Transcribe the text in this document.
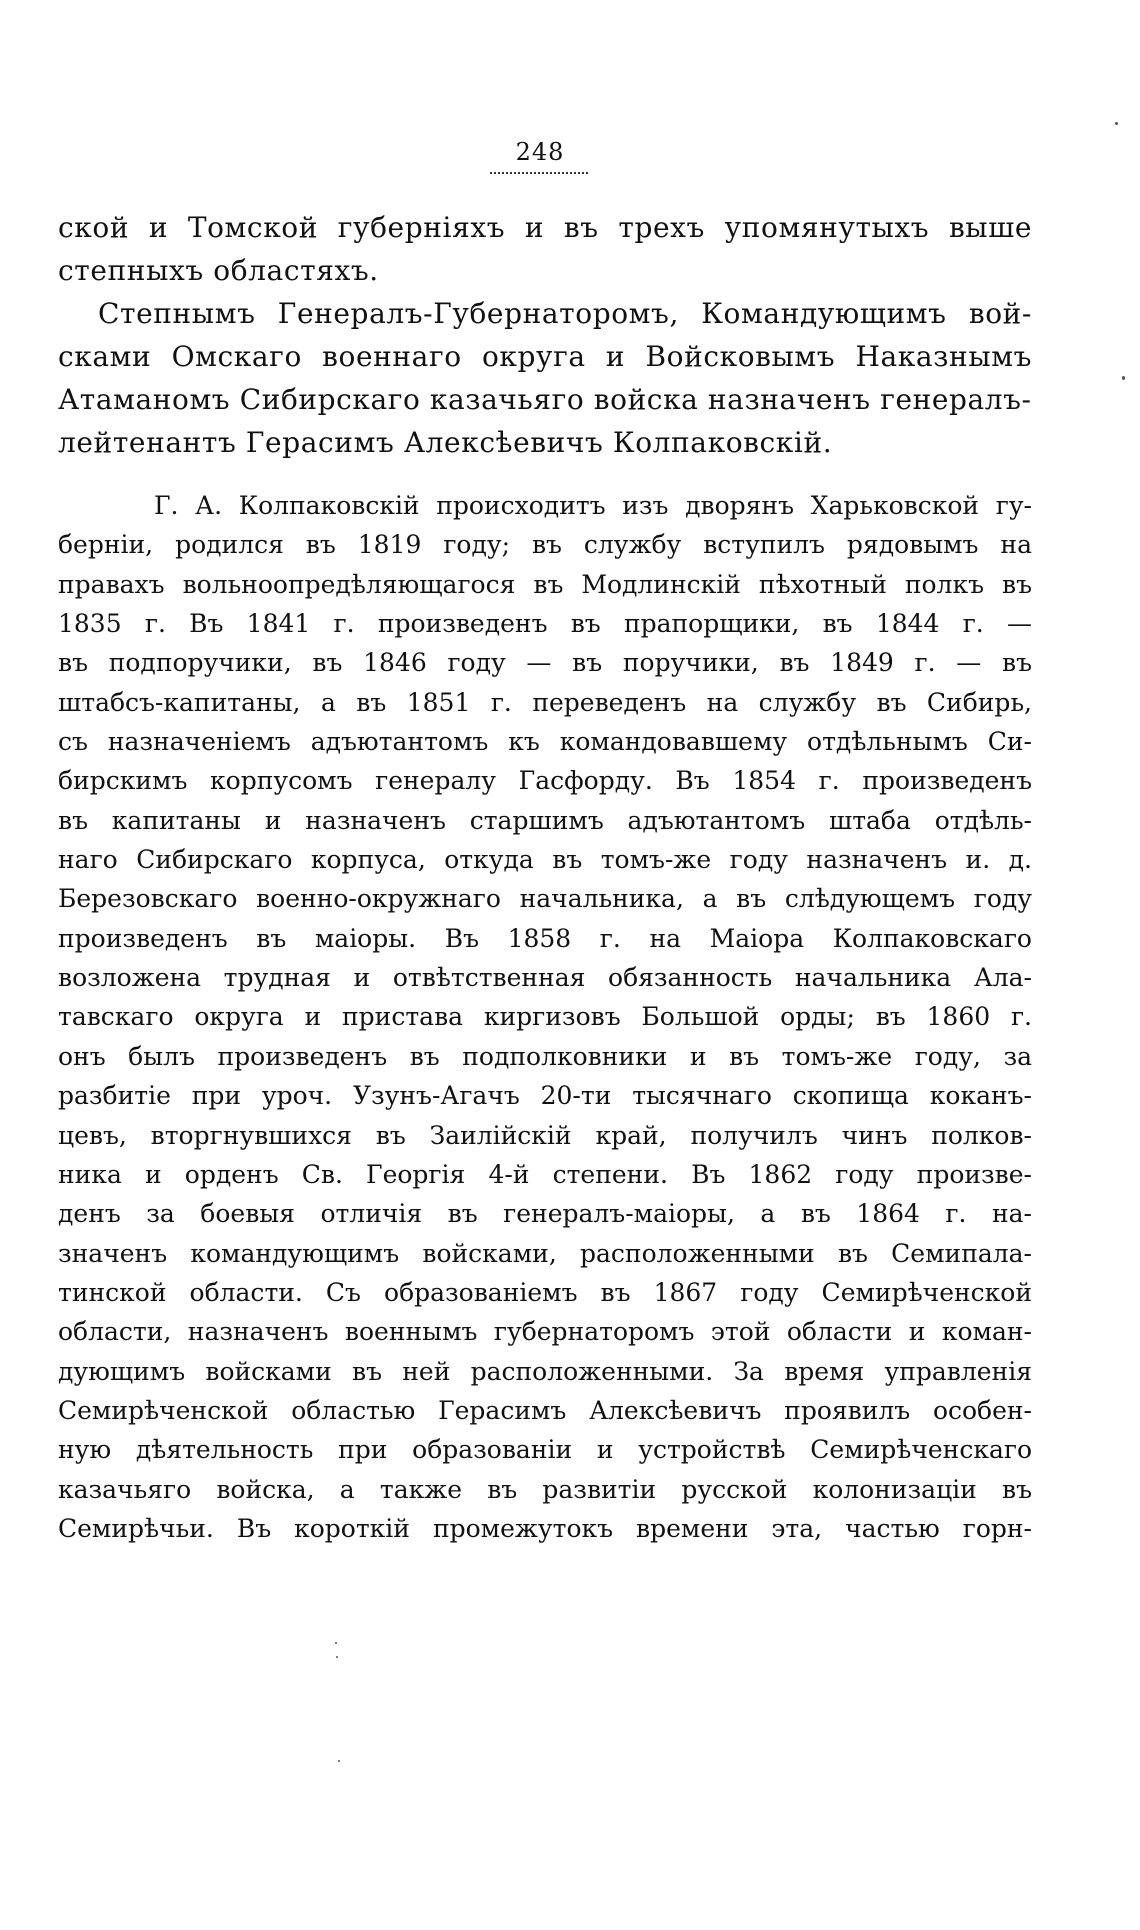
248
ской и Томской губерніяхъ и въ трехъ упомянутыхъ выше
степныхъ областяхъ.
Степнымъ Генералъ-Губернаторомъ, Командующимъ вой-
сками Омскаго военнаго округа и Войсковымъ Наказнымъ
Атаманомъ Сибирскаго казачьяго войска назначенъ генералъ-
лейтенантъ Герасимъ Алексѣевичъ Колпаковскій.
Г. А. Колпаковскій происходитъ изъ дворянъ Харьковской гу-
берніи, родился въ 1819 году; въ службу вступилъ рядовымъ на
правахъ вольноопредѣляющагося въ Модлинскій пѣхотный полкъ въ
1835 г. Въ 1841 г. произведенъ въ прапорщики, въ 1844 г. —
въ подпоручики, въ 1846 году — въ поручики, въ 1849 г. — въ
штабсъ-капитаны, а въ 1851 г. переведенъ на службу въ Сибирь,
съ назначеніемъ адъютантомъ къ командовавшему отдѣльнымъ Си-
бирскимъ корпусомъ генералу Гасфорду. Въ 1854 г. произведенъ
въ капитаны и назначенъ старшимъ адъютантомъ штаба отдѣль-
наго Сибирскаго корпуса, откуда въ томъ-же году назначенъ и. д.
Березовскаго военно-окружнаго начальника, а въ слѣдующемъ году
произведенъ въ маіоры. Въ 1858 г. на Маіора Колпаковскаго
возложена трудная и отвѣтственная обязанность начальника Ала-
тавскаго округа и пристава киргизовъ Большой орды; въ 1860 г.
онъ былъ произведенъ въ подполковники и въ томъ-же году, за
разбитіе при уроч. Узунъ-Агачъ 20-ти тысячнаго скопища коканъ-
цевъ, вторгнувшихся въ Заилійскій край, получилъ чинъ полков-
ника и орденъ Св. Георгія 4-й степени. Въ 1862 году произве-
денъ за боевыя отличія въ генералъ-маіоры, а въ 1864 г. на-
значенъ командующимъ войсками, расположенными въ Семипала-
тинской области. Съ образованіемъ въ 1867 году Семирѣченской
области, назначенъ военнымъ губернаторомъ этой области и коман-
дующимъ войсками въ ней расположенными. За время управленія
Семирѣченской областью Герасимъ Алексѣевичъ проявилъ особен-
ную дѣятельность при образованіи и устройствѣ Семирѣченскаго
казачьяго войска, а также въ развитіи русской колонизаціи въ
Семирѣчьи. Въ короткій промежутокъ времени эта, частью горн-
